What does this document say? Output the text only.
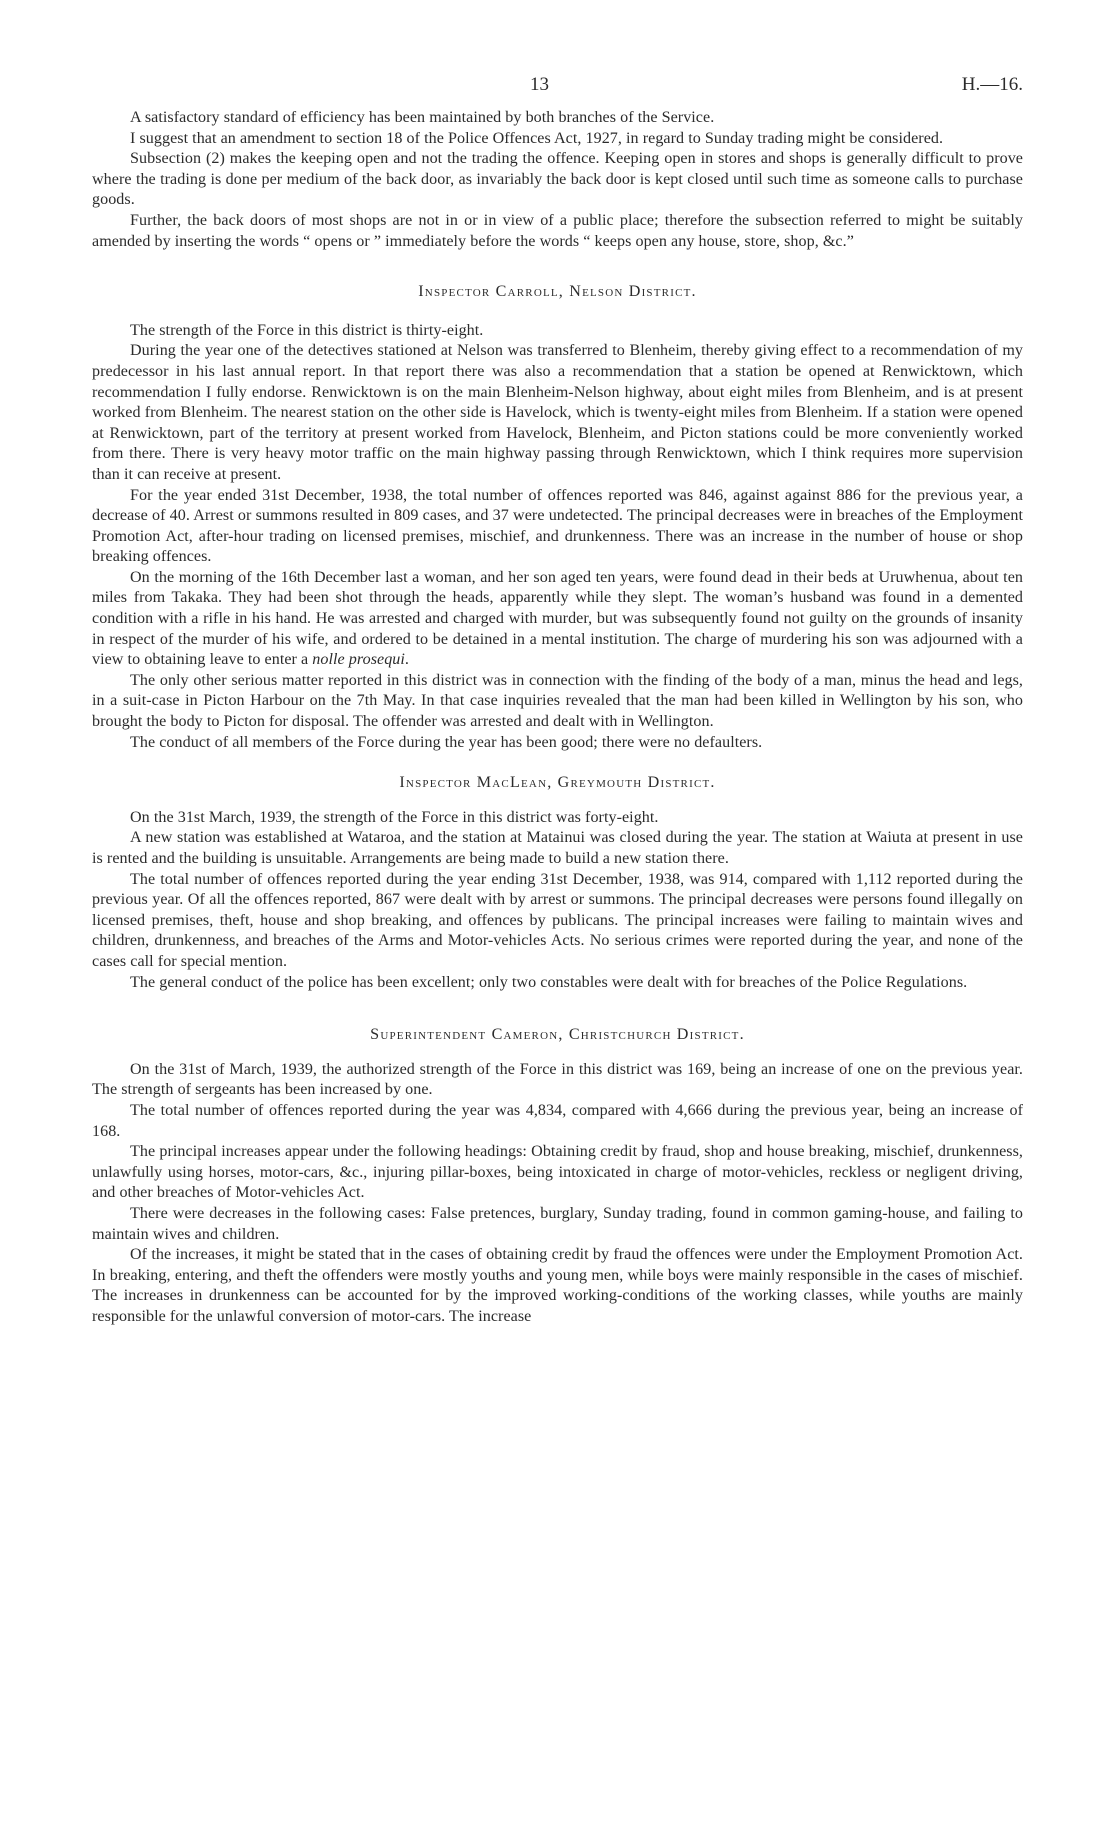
13	H.—16.

A satisfactory standard of efficiency has been maintained by both branches of the Service.

I suggest that an amendment to section 18 of the Police Offences Act, 1927, in regard to Sunday trading might be considered.

Subsection (2) makes the keeping open and not the trading the offence. Keeping open in stores and shops is generally difficult to prove where the trading is done per medium of the back door, as invariably the back door is kept closed until such time as someone calls to purchase goods.

Further, the back doors of most shops are not in or in view of a public place; therefore the subsection referred to might be suitably amended by inserting the words “ opens or ” immediately before the words “ keeps open any house, store, shop, &c.”

Inspector Carroll, Nelson District.

The strength of the Force in this district is thirty-eight.

During the year one of the detectives stationed at Nelson was transferred to Blenheim, thereby giving effect to a recommendation of my predecessor in his last annual report. In that report there was also a recommendation that a station be opened at Renwicktown, which recommendation I fully endorse. Renwicktown is on the main Blenheim-Nelson highway, about eight miles from Blenheim, and is at present worked from Blenheim. The nearest station on the other side is Havelock, which is twenty-eight miles from Blenheim. If a station were opened at Renwicktown, part of the territory at present worked from Havelock, Blenheim, and Picton stations could be more conveniently worked from there. There is very heavy motor traffic on the main highway passing through Renwicktown, which I think requires more supervision than it can receive at present.

For the year ended 31st December, 1938, the total number of offences reported was 846, against against 886 for the previous year, a decrease of 40. Arrest or summons resulted in 809 cases, and 37 were undetected. The principal decreases were in breaches of the Employment Promotion Act, after-hour trading on licensed premises, mischief, and drunkenness. There was an increase in the number of house or shop breaking offences.

On the morning of the 16th December last a woman, and her son aged ten years, were found dead in their beds at Uruwhenua, about ten miles from Takaka. They had been shot through the heads, apparently while they slept. The woman’s husband was found in a demented condition with a rifle in his hand. He was arrested and charged with murder, but was subsequently found not guilty on the grounds of insanity in respect of the murder of his wife, and ordered to be detained in a mental institution. The charge of murdering his son was adjourned with a view to obtaining leave to enter a nolle prosequi.

The only other serious matter reported in this district was in connection with the finding of the body of a man, minus the head and legs, in a suit-case in Picton Harbour on the 7th May. In that case inquiries revealed that the man had been killed in Wellington by his son, who brought the body to Picton for disposal. The offender was arrested and dealt with in Wellington.

The conduct of all members of the Force during the year has been good; there were no defaulters.

Inspector MacLean, Greymouth District.

On the 31st March, 1939, the strength of the Force in this district was forty-eight.

A new station was established at Wataroa, and the station at Matainui was closed during the year. The station at Waiuta at present in use is rented and the building is unsuitable. Arrangements are being made to build a new station there.

The total number of offences reported during the year ending 31st December, 1938, was 914, compared with 1,112 reported during the previous year. Of all the offences reported, 867 were dealt with by arrest or summons. The principal decreases were persons found illegally on licensed premises, theft, house and shop breaking, and offences by publicans. The principal increases were failing to maintain wives and children, drunkenness, and breaches of the Arms and Motor-vehicles Acts. No serious crimes were reported during the year, and none of the cases call for special mention.

The general conduct of the police has been excellent; only two constables were dealt with for breaches of the Police Regulations.

Superintendent Cameron, Christchurch District.

On the 31st of March, 1939, the authorized strength of the Force in this district was 169, being an increase of one on the previous year. The strength of sergeants has been increased by one.

The total number of offences reported during the year was 4,834, compared with 4,666 during the previous year, being an increase of 168.

The principal increases appear under the following headings: Obtaining credit by fraud, shop and house breaking, mischief, drunkenness, unlawfully using horses, motor-cars, &c., injuring pillar-boxes, being intoxicated in charge of motor-vehicles, reckless or negligent driving, and other breaches of Motor-vehicles Act.

There were decreases in the following cases: False pretences, burglary, Sunday trading, found in common gaming-house, and failing to maintain wives and children.

Of the increases, it might be stated that in the cases of obtaining credit by fraud the offences were under the Employment Promotion Act. In breaking, entering, and theft the offenders were mostly youths and young men, while boys were mainly responsible in the cases of mischief. The increases in drunkenness can be accounted for by the improved working-conditions of the working classes, while youths are mainly responsible for the unlawful conversion of motor-cars. The increase
